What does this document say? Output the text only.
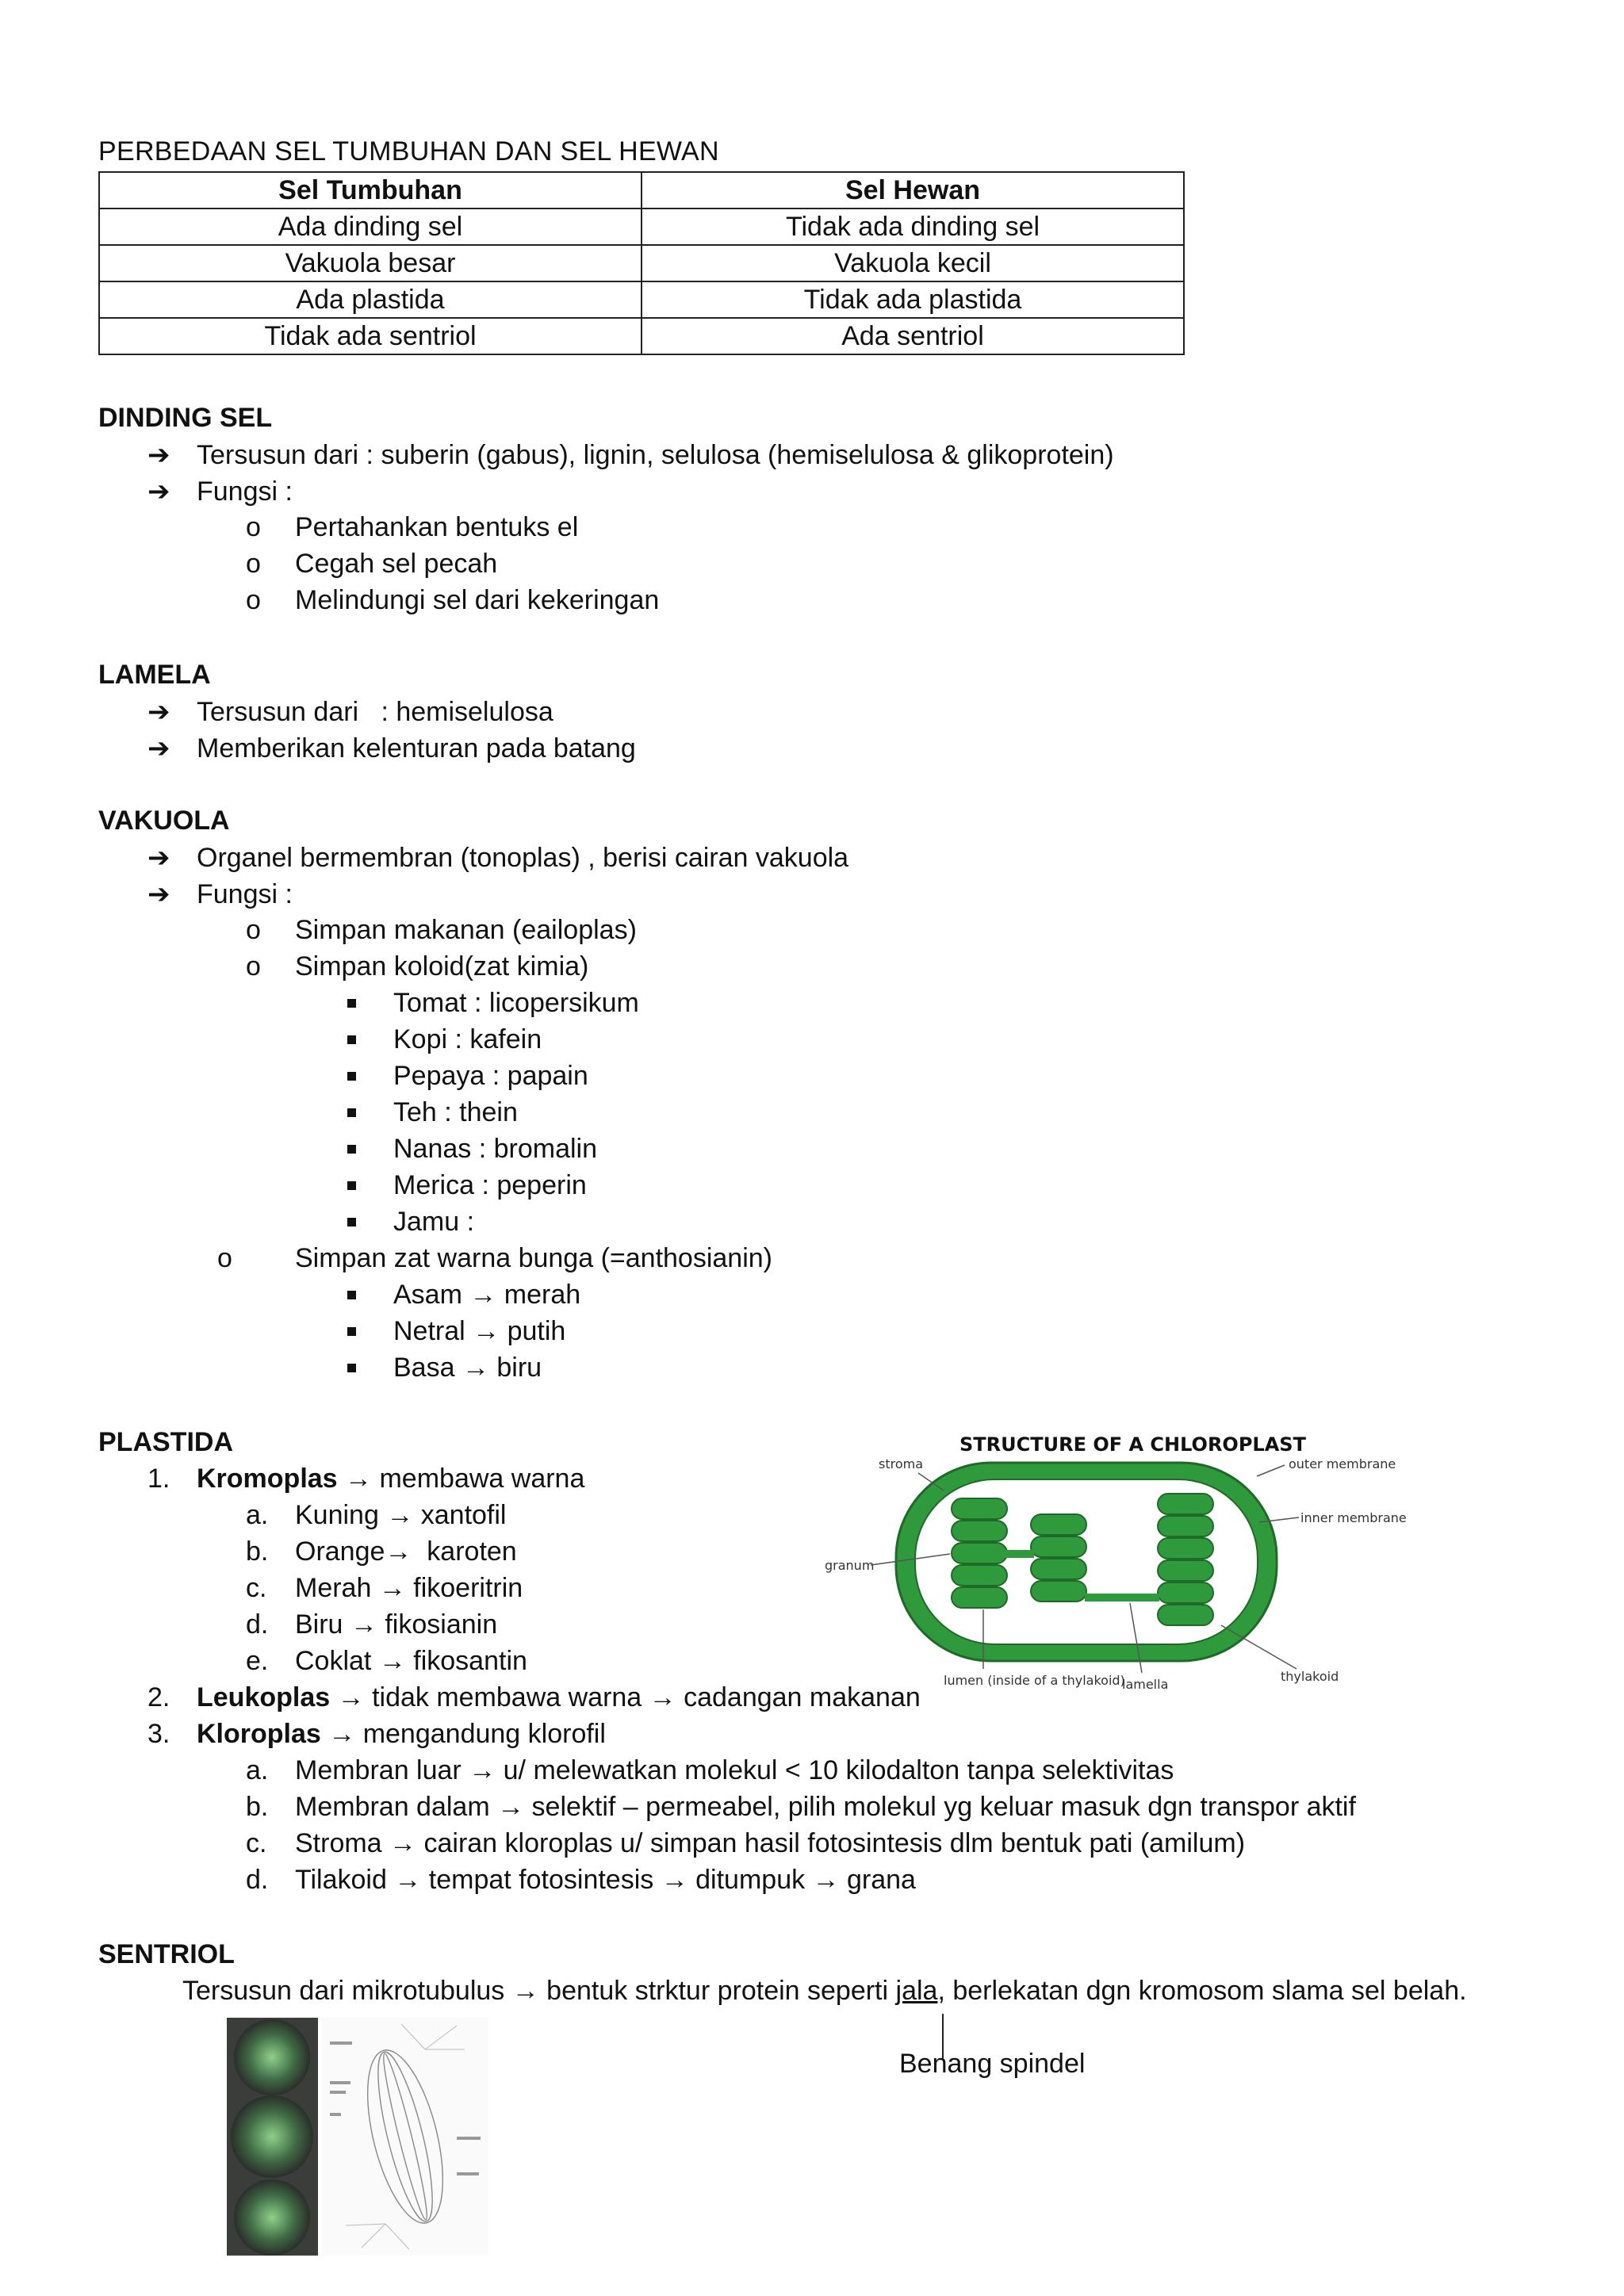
PERBEDAAN SEL TUMBUHAN DAN SEL HEWAN
Sel Tumbuhan	Sel Hewan
Ada dinding sel	Tidak ada dinding sel
Vakuola besar	Vakuola kecil
Ada plastida	Tidak ada plastida
Tidak ada sentriol	Ada sentriol
DINDING SEL
➔ Tersusun dari : suberin (gabus), lignin, selulosa (hemiselulosa & glikoprotein)
➔ Fungsi :
o Pertahankan bentuks el
o Cegah sel pecah
o Melindungi sel dari kekeringan
LAMELA
➔ Tersusun dari   : hemiselulosa
➔ Memberikan kelenturan pada batang
VAKUOLA
➔ Organel bermembran (tonoplas) , berisi cairan vakuola
➔ Fungsi :
o Simpan makanan (eailoplas)
o Simpan koloid(zat kimia)
Tomat : licopersikum
Kopi : kafein
Pepaya : papain
Teh : thein
Nanas : bromalin
Merica : peperin
Jamu :
o Simpan zat warna bunga (=anthosianin)
Asam → merah
Netral → putih
Basa → biru
PLASTIDA
1. Kromoplas → membawa warna
a. Kuning → xantofil
b. Orange→  karoten
c. Merah → fikoeritrin
d. Biru → fikosianin
e. Coklat → fikosantin
2. Leukoplas → tidak membawa warna → cadangan makanan
3. Kloroplas → mengandung klorofil
a. Membran luar → u/ melewatkan molekul < 10 kilodalton tanpa selektivitas
b. Membran dalam → selektif – permeabel, pilih molekul yg keluar masuk dgn transpor aktif
c. Stroma → cairan kloroplas u/ simpan hasil fotosintesis dlm bentuk pati (amilum)
d. Tilakoid → tempat fotosintesis → ditumpuk → grana
STRUCTURE OF A CHLOROPLAST
stroma	outer membrane
inner membrane
granum
lumen (inside of a thylakoid)
lamella
thylakoid
SENTRIOL
Tersusun dari mikrotubulus → bentuk strktur protein seperti jala, berlekatan dgn kromosom slama sel belah.
Benang spindel
